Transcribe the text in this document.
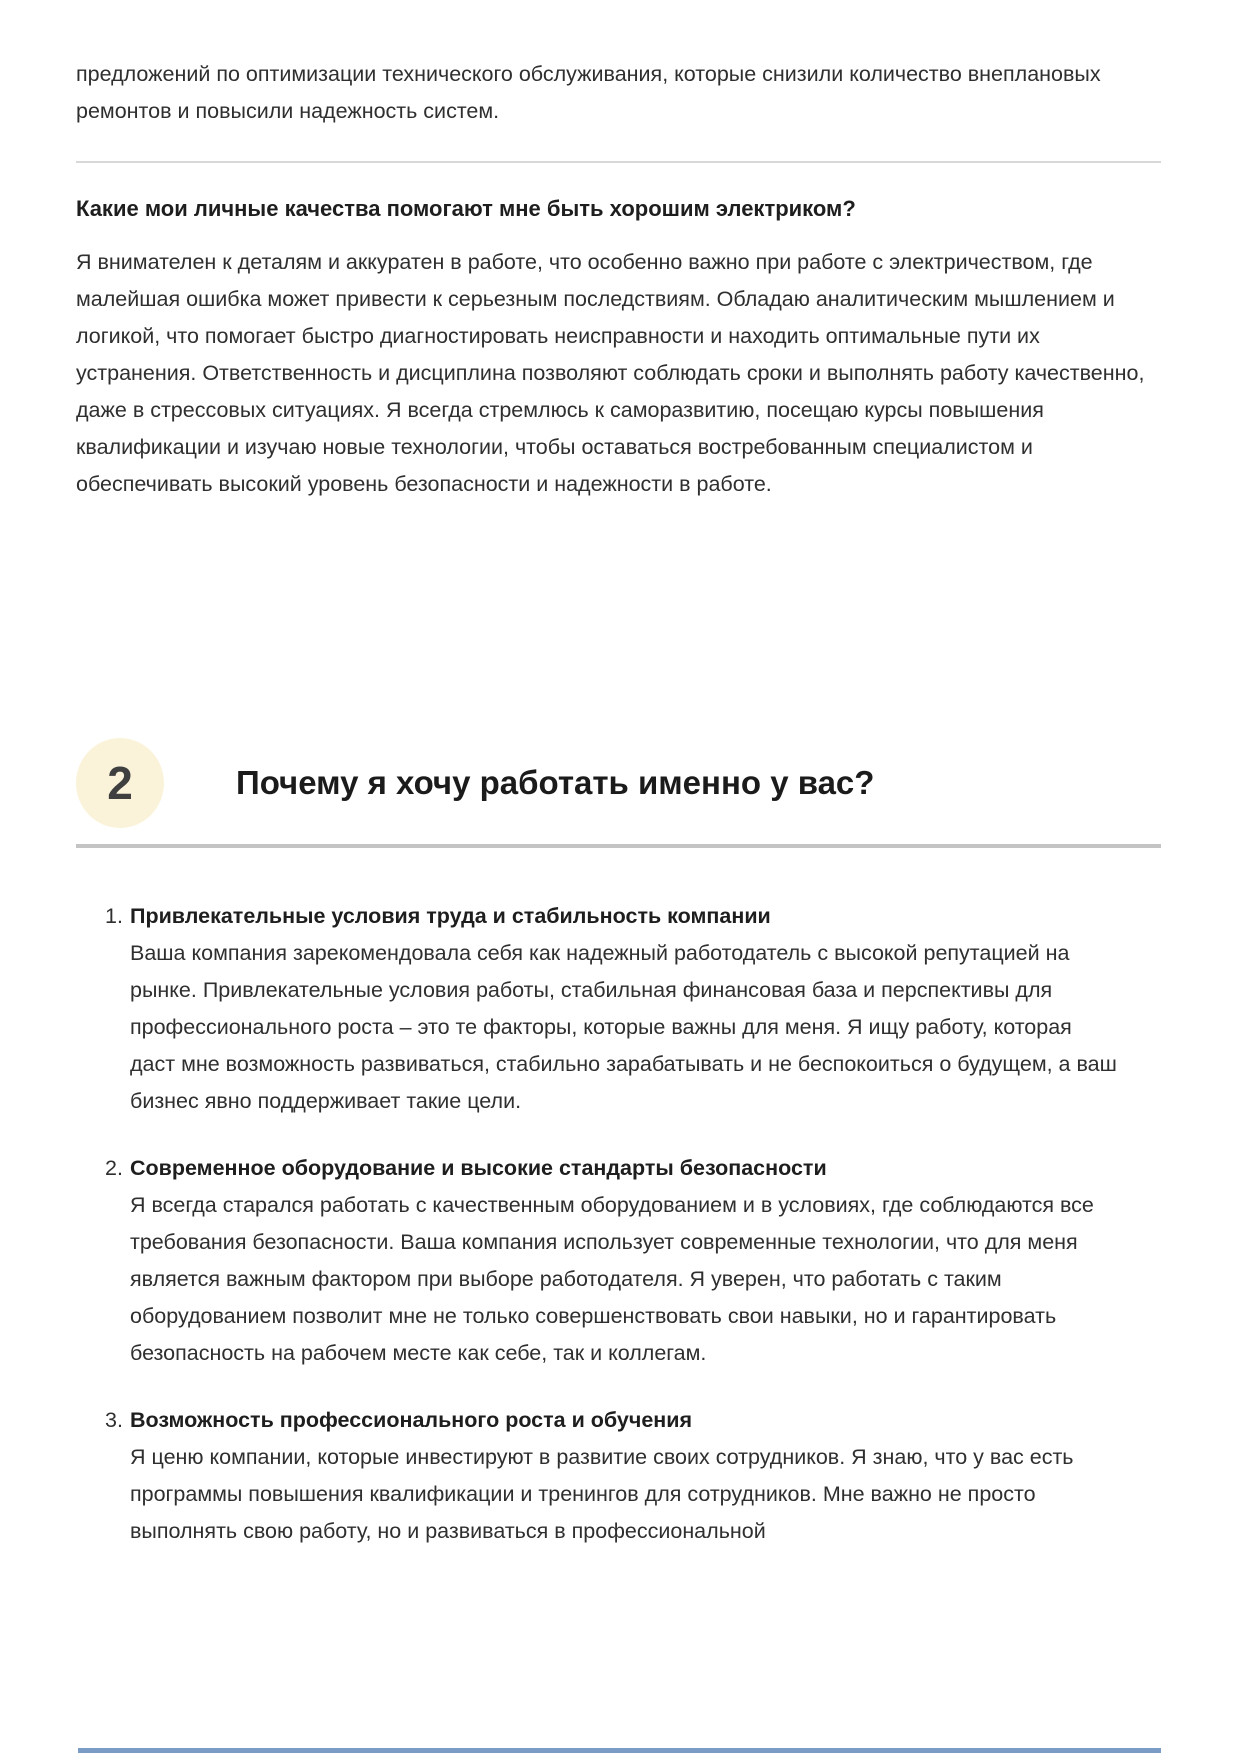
предложений по оптимизации технического обслуживания, которые снизили количество внеплановых ремонтов и повысили надежность систем.

Какие мои личные качества помогают мне быть хорошим электриком?

Я внимателен к деталям и аккуратен в работе, что особенно важно при работе с электричеством, где малейшая ошибка может привести к серьезным последствиям. Обладаю аналитическим мышлением и логикой, что помогает быстро диагностировать неисправности и находить оптимальные пути их устранения. Ответственность и дисциплина позволяют соблюдать сроки и выполнять работу качественно, даже в стрессовых ситуациях. Я всегда стремлюсь к саморазвитию, посещаю курсы повышения квалификации и изучаю новые технологии, чтобы оставаться востребованным специалистом и обеспечивать высокий уровень безопасности и надежности в работе.

2	Почему я хочу работать именно у вас?
1. Привлекательные условия труда и стабильность компании

Ваша компания зарекомендовала себя как надежный работодатель с высокой репутацией на рынке. Привлекательные условия работы, стабильная финансовая база и перспективы для профессионального роста – это те факторы, которые важны для меня. Я ищу работу, которая даст мне возможность развиваться, стабильно зарабатывать и не беспокоиться о будущем, а ваш бизнес явно поддерживает такие цели.

2. Современное оборудование и высокие стандарты безопасности

Я всегда старался работать с качественным оборудованием и в условиях, где соблюдаются все требования безопасности. Ваша компания использует современные технологии, что для меня является важным фактором при выборе работодателя. Я уверен, что работать с таким оборудованием позволит мне не только совершенствовать свои навыки, но и гарантировать безопасность на рабочем месте как себе, так и коллегам.

3. Возможность профессионального роста и обучения

Я ценю компании, которые инвестируют в развитие своих сотрудников. Я знаю, что у вас есть программы повышения квалификации и тренингов для сотрудников. Мне важно не просто выполнять свою работу, но и развиваться в профессиональной
